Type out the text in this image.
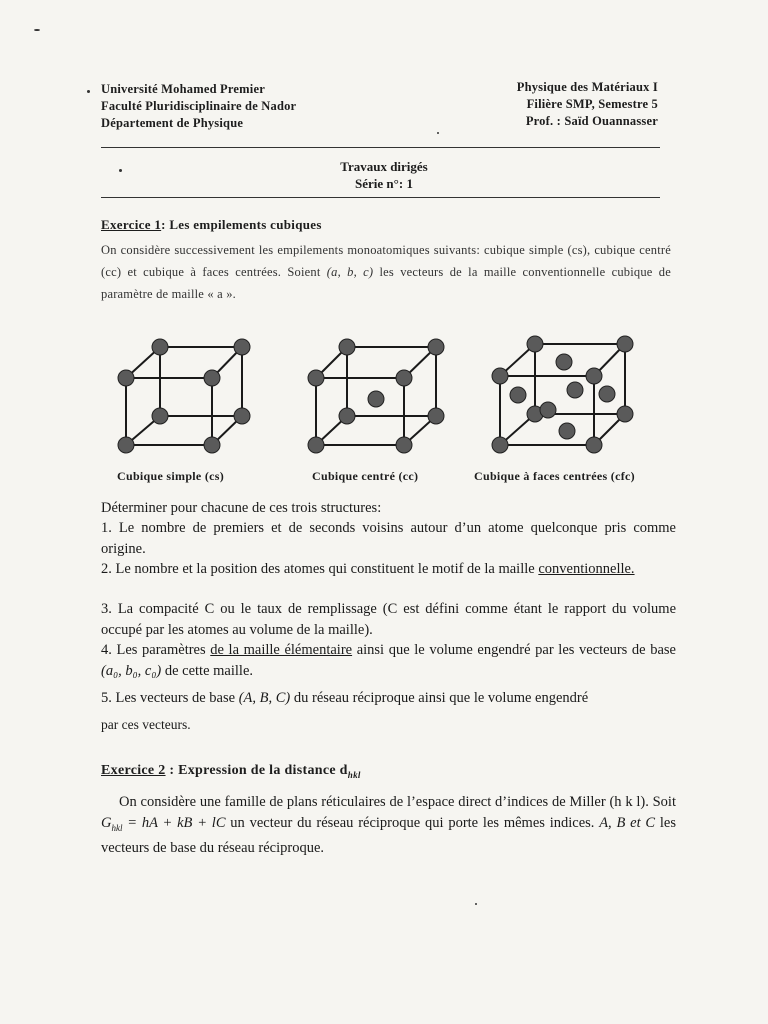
Université Mohamed Premier
Faculté Pluridisciplinaire de Nador
Département de Physique
Physique des Matériaux I
Filière SMP, Semestre 5
Prof. : Saïd Ouannasser
Travaux dirigés
Série n°: 1
Exercice 1: Les empilements cubiques
On considère successivement les empilements monoatomiques suivants: cubique simple (cs), cubique centré (cc) et cubique à faces centrées. Soient (a, b, c) les vecteurs de la maille conventionnelle cubique de paramètre de maille « a ».
Cubique simple (cs)	Cubique centré (cc)	Cubique à faces centrées (cfc)
Déterminer pour chacune de ces trois structures:
1. Le nombre de premiers et de seconds voisins autour d’un atome quelconque pris comme origine.
2. Le nombre et la position des atomes qui constituent le motif de la maille conventionnelle.
3. La compacité C ou le taux de remplissage (C est défini comme étant le rapport du volume occupé par les atomes au volume de la maille).
4. Les paramètres de la maille élémentaire ainsi que le volume engendré par les vecteurs de base (a₀, b₀, c₀) de cette maille.
5. Les vecteurs de base (A, B, C) du réseau réciproque ainsi que le volume engendré
par ces vecteurs.
Exercice 2 : Expression de la distance $d_{hkl}$
On considère une famille de plans réticulaires de l’espace direct d’indices de Miller (h k l). Soit $G_{hkl}$ = hA + kB + lC un vecteur du réseau réciproque qui porte les mêmes indices. A, B et C les vecteurs de base du réseau réciproque.
